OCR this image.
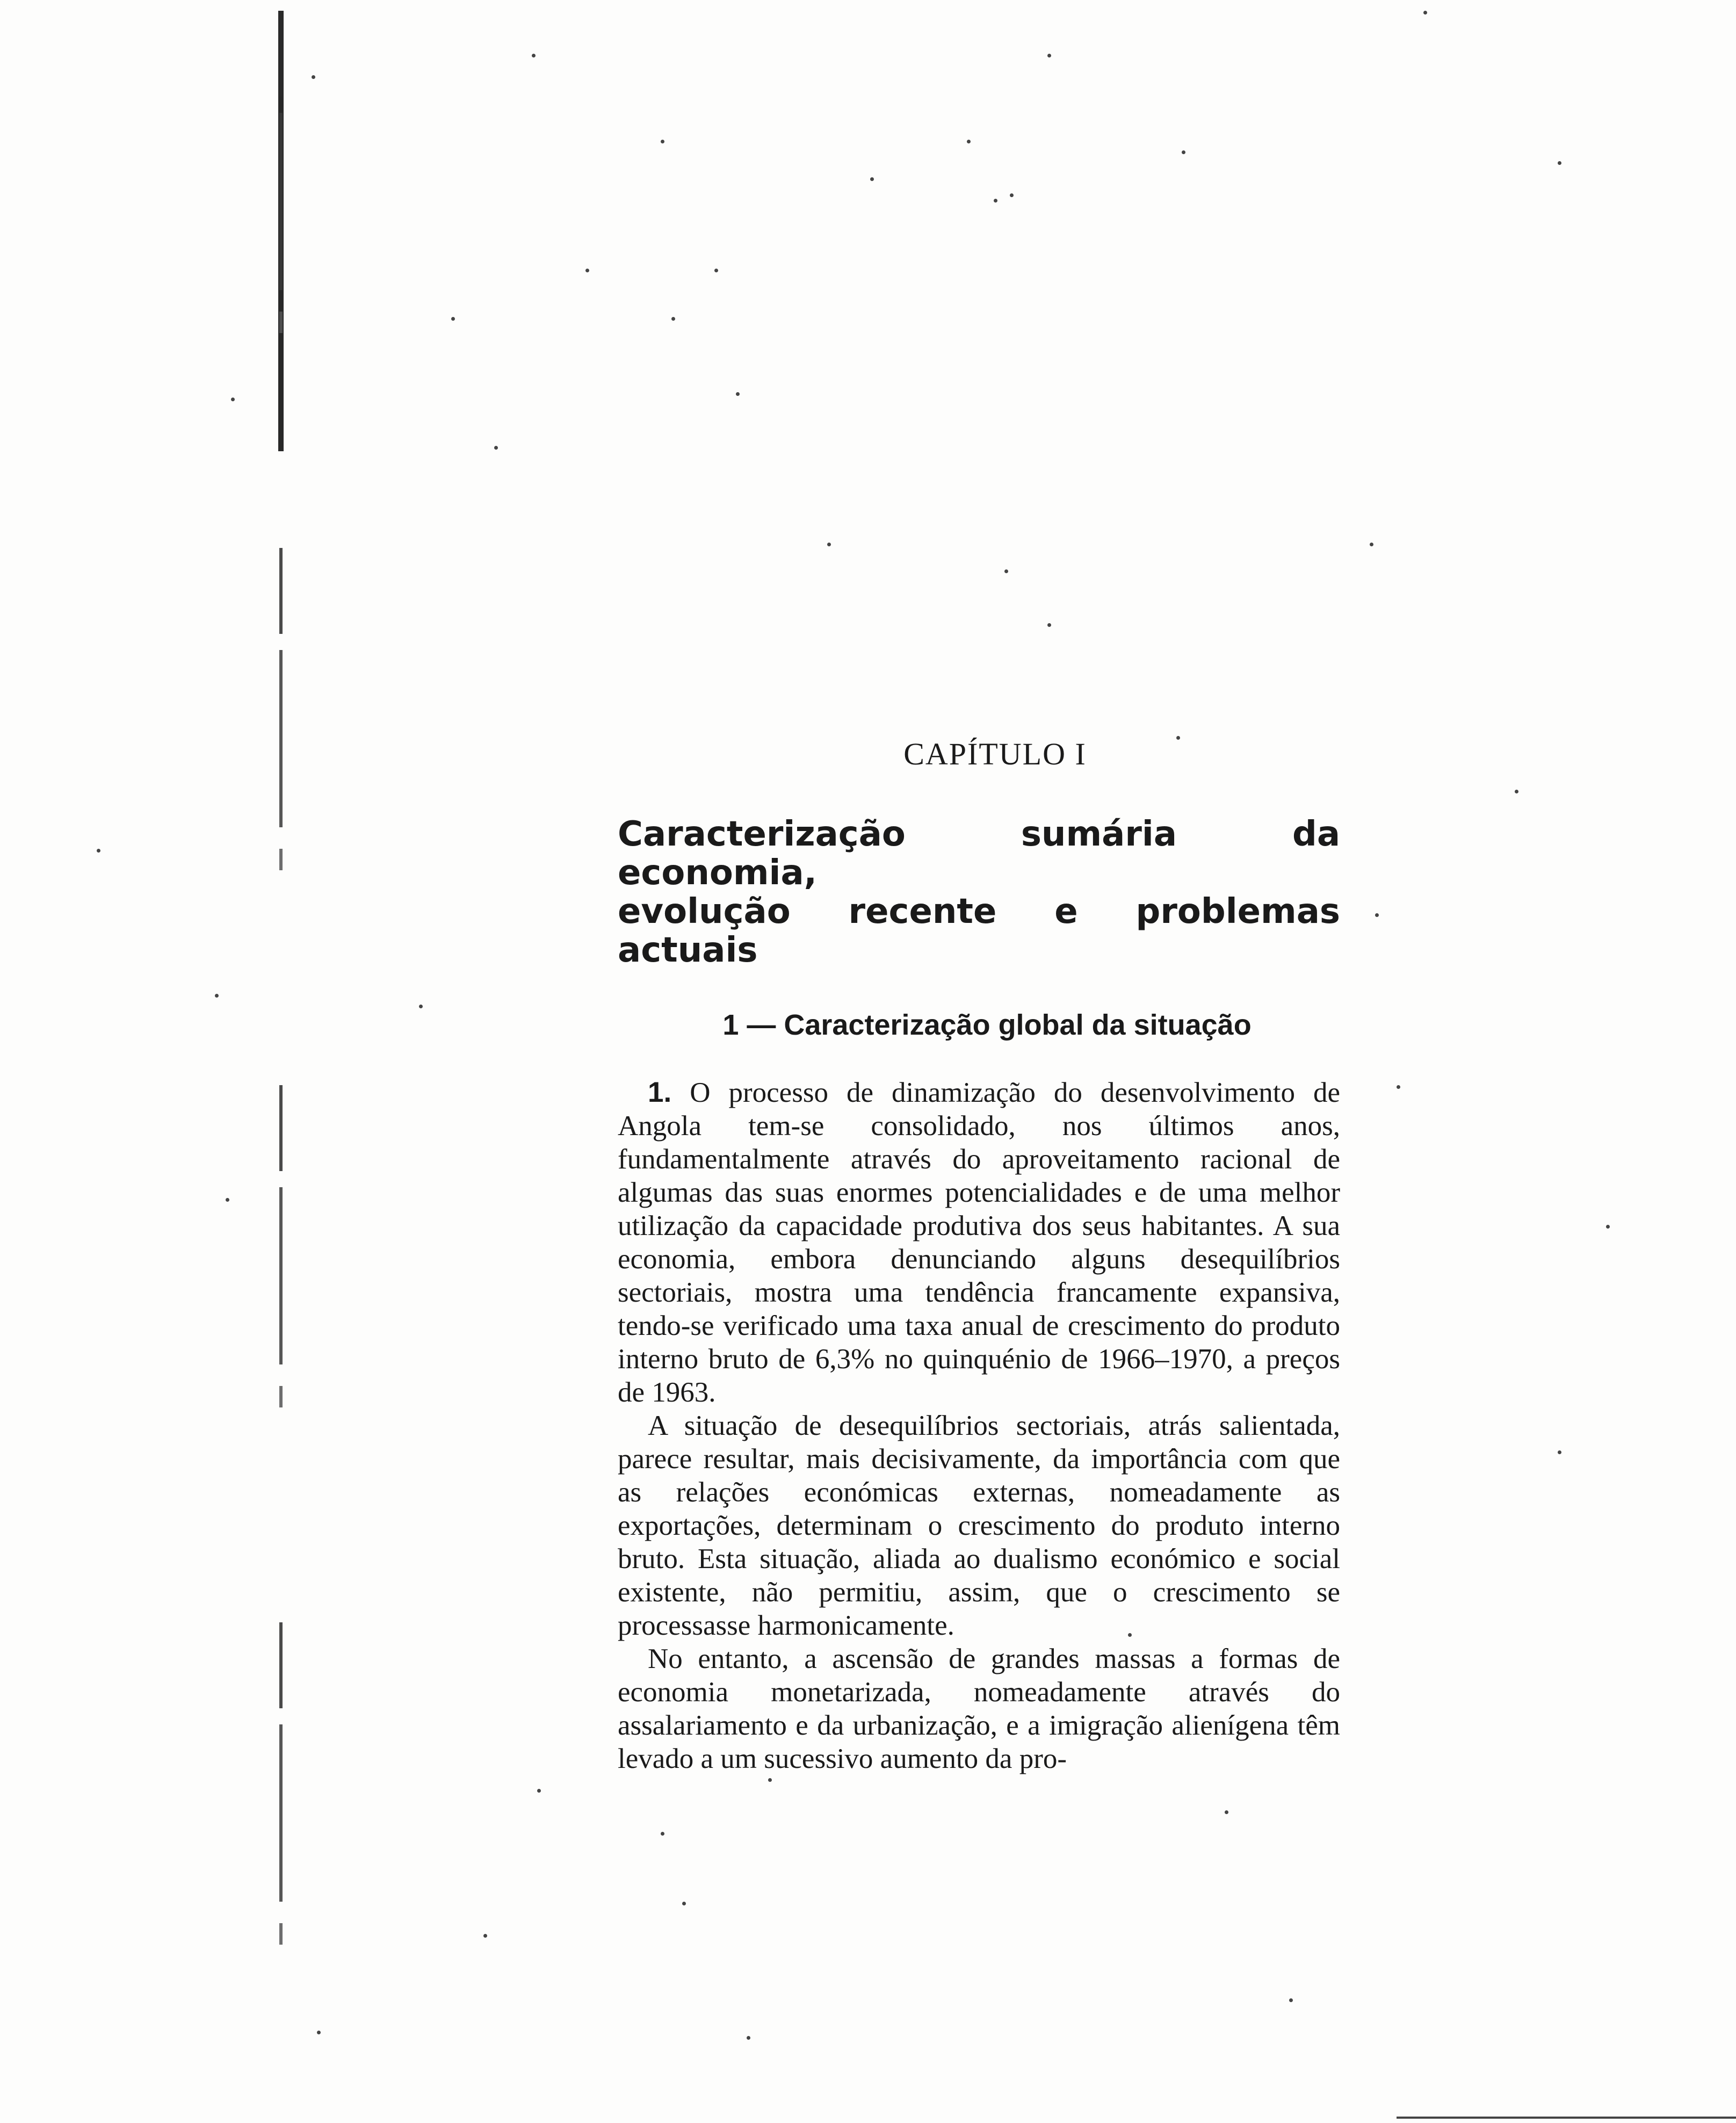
CAPÍTULO I
Caracterização sumária da economia,
evolução recente e problemas actuais
1 — Caracterização global da situação

1. O processo de dinamização do desenvolvimento de Angola tem-se consolidado, nos últimos anos, fundamentalmente através do aproveitamento racional de algumas das suas enormes potencialidades e de uma melhor utilização da capacidade produtiva dos seus habitantes. A sua economia, embora denunciando alguns desequilíbrios sectoriais, mostra uma tendência francamente expansiva, tendo-se verificado uma taxa anual de crescimento do produto interno bruto de 6,3% no quinquénio de 1966–1970, a preços de 1963.

A situação de desequilíbrios sectoriais, atrás salientada, parece resultar, mais decisivamente, da importância com que as relações económicas externas, nomeadamente as exportações, determinam o crescimento do produto interno bruto. Esta situação, aliada ao dualismo económico e social existente, não permitiu, assim, que o crescimento se processasse harmonicamente.

No entanto, a ascensão de grandes massas a formas de economia monetarizada, nomeadamente através do assalariamento e da urbanização, e a imigração alienígena têm levado a um sucessivo aumento da pro-
